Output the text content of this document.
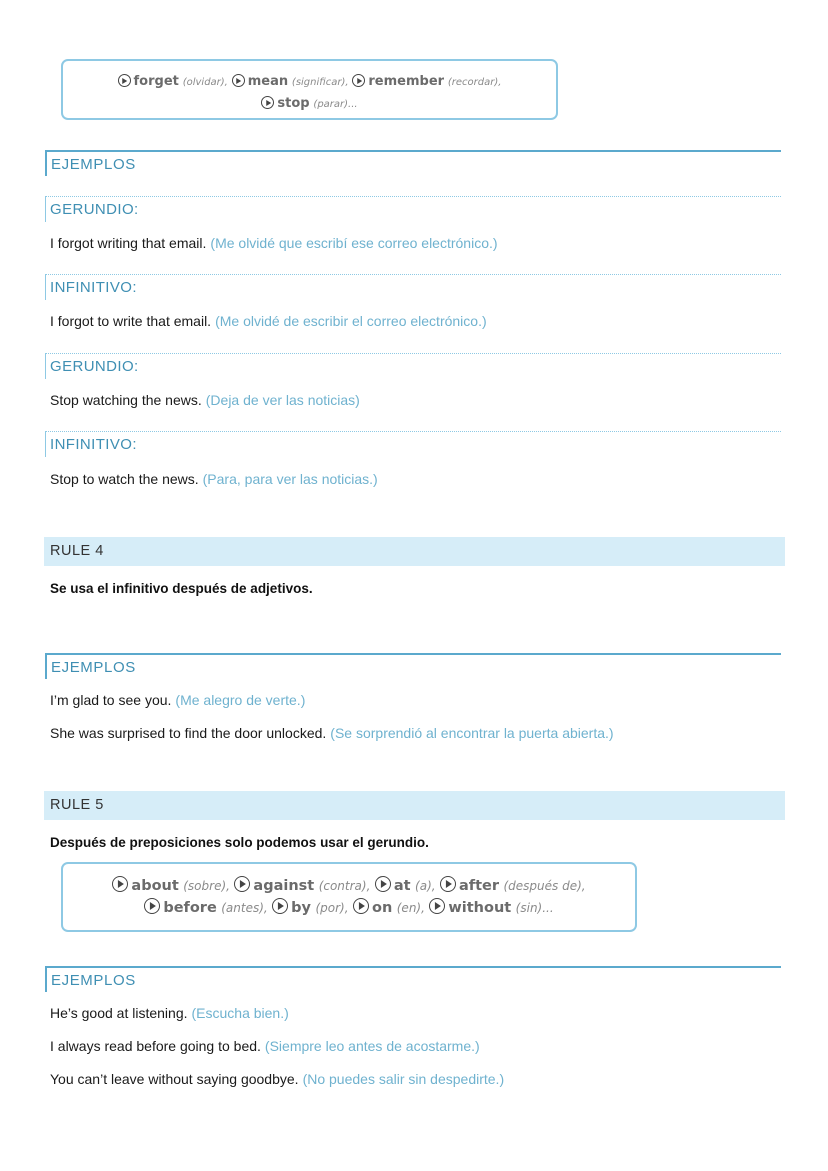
forget (olvidar), mean (significar), remember (recordar),
stop (parar)...
EJEMPLOS
GERUNDIO:
I forgot writing that email. (Me olvidé que escribí ese correo electrónico.)
INFINITIVO:
I forgot to write that email. (Me olvidé de escribir el correo electrónico.)
GERUNDIO:
Stop watching the news. (Deja de ver las noticias)
INFINITIVO:
Stop to watch the news. (Para, para ver las noticias.)
RULE 4
Se usa el infinitivo después de adjetivos.
EJEMPLOS
I’m glad to see you. (Me alegro de verte.)
She was surprised to find the door unlocked. (Se sorprendió al encontrar la puerta abierta.)
RULE 5
Después de preposiciones solo podemos usar el gerundio.
about (sobre), against (contra), at (a), after (después de),
before (antes), by (por), on (en), without (sin)...
EJEMPLOS
He’s good at listening. (Escucha bien.)
I always read before going to bed. (Siempre leo antes de acostarme.)
You can’t leave without saying goodbye. (No puedes salir sin despedirte.)
